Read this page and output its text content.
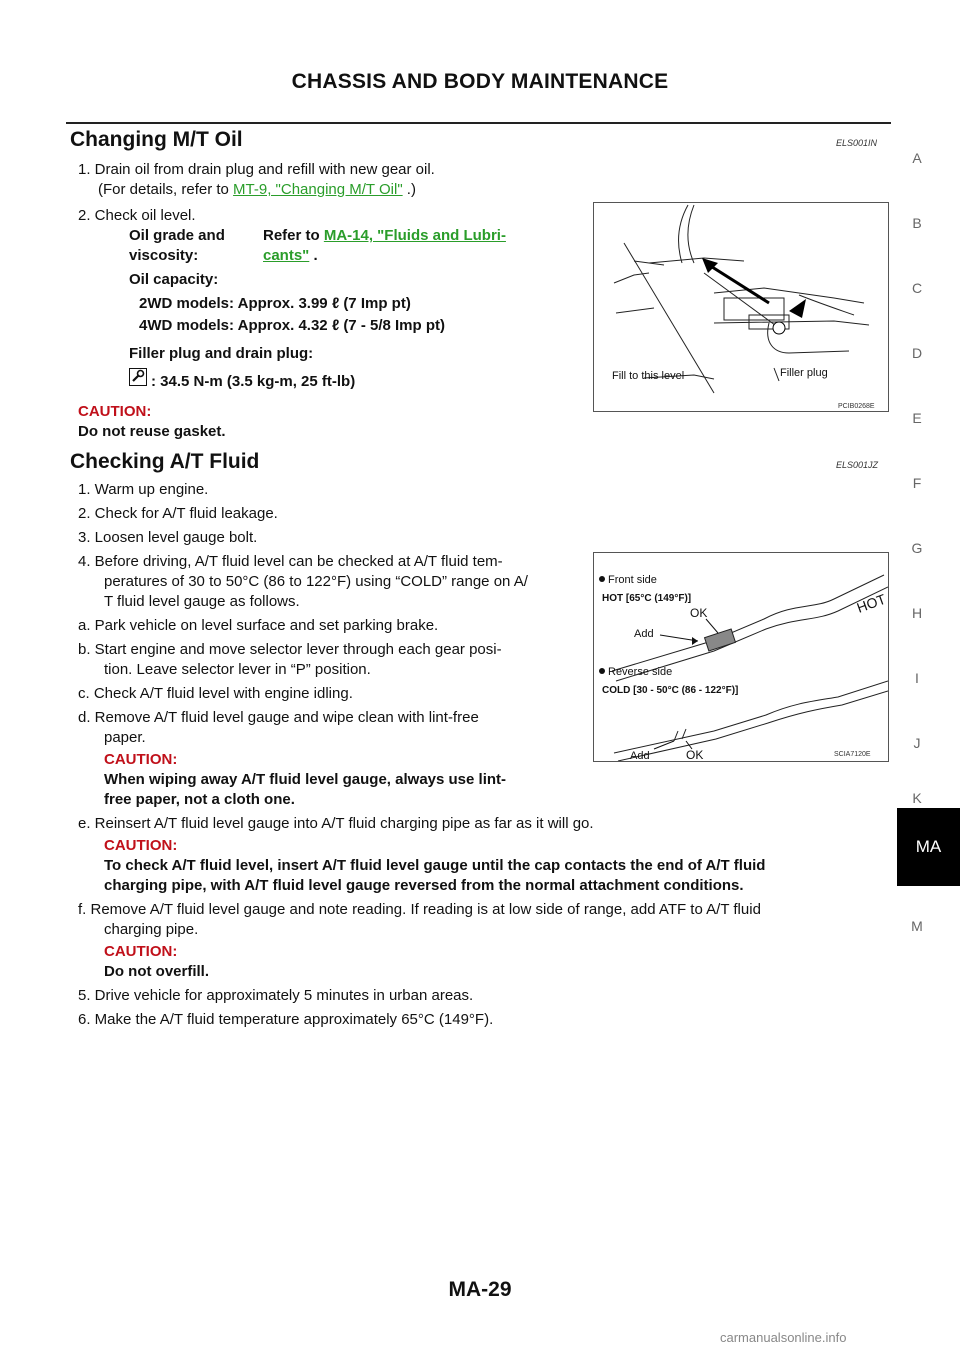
CHASSIS AND BODY MAINTENANCE
A
B
C
D
E
F
G
H
I
J
K
MA
M
Changing M/T Oil	ELS001IN
1. Drain oil from drain plug and refill with new gear oil.
(For details, refer to MT-9, "Changing M/T Oil" .)
2. Check oil level.
Oil grade and
viscosity:
Refer to MA-14, "Fluids and Lubri-
cants" .
Oil capacity:
2WD models: Approx. 3.99 ℓ (7 Imp pt)
4WD models: Approx. 4.32 ℓ (7 - 5/8 Imp pt)
Filler plug and drain plug:
: 34.5 N-m (3.5 kg-m, 25 ft-lb)
CAUTION:
Do not reuse gasket.
Fill to this level	Filler plug
PCIB0268E
Checking A/T Fluid	ELS001JZ
1. Warm up engine.
2. Check for A/T fluid leakage.
3. Loosen level gauge bolt.
4. Before driving, A/T fluid level can be checked at A/T fluid tem-
peratures of 30 to 50°C (86 to 122°F) using “COLD” range on A/
T fluid level gauge as follows.
a. Park vehicle on level surface and set parking brake.
b. Start engine and move selector lever through each gear posi-
tion. Leave selector lever in “P” position.
c. Check A/T fluid level with engine idling.
d. Remove A/T fluid level gauge and wipe clean with lint-free
paper.
CAUTION:
When wiping away A/T fluid level gauge, always use lint-
free paper, not a cloth one.
e. Reinsert A/T fluid level gauge into A/T fluid charging pipe as far as it will go.
CAUTION:
To check A/T fluid level, insert A/T fluid level gauge until the cap contacts the end of A/T fluid
charging pipe, with A/T fluid level gauge reversed from the normal attachment conditions.
f. Remove A/T fluid level gauge and note reading. If reading is at low side of range, add ATF to A/T fluid
charging pipe.
CAUTION:
Do not overfill.
5. Drive vehicle for approximately 5 minutes in urban areas.
6. Make the A/T fluid temperature approximately 65°C (149°F).
Front side
HOT [65°C (149°F)]	HOT
Add
OK
Reverse side
COLD [30 - 50°C (86 - 122°F)]
Add	OK	SCIA7120E
MA-29
carmanualsonline.info
